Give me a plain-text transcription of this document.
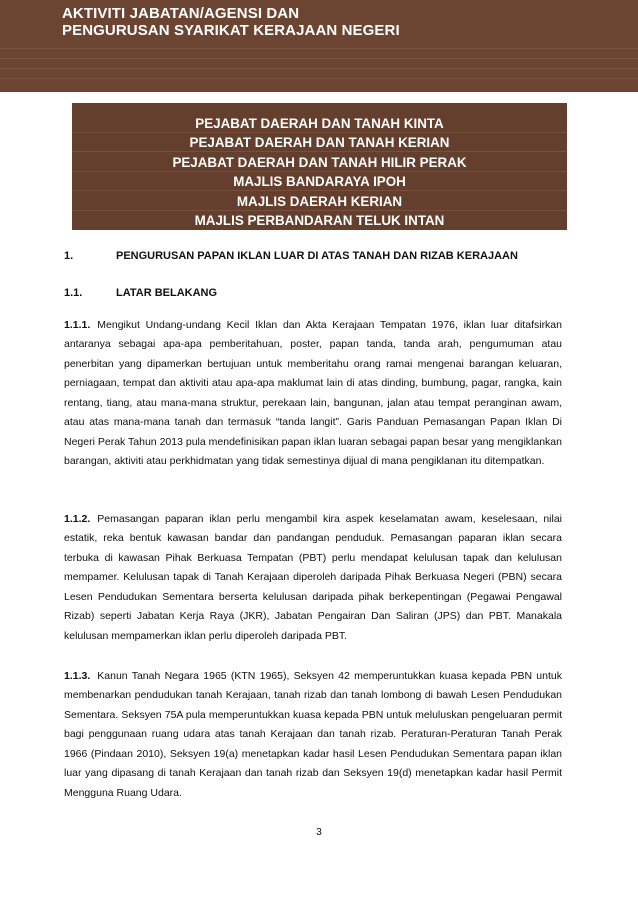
AKTIVITI JABATAN/AGENSI DAN
PENGURUSAN SYARIKAT KERAJAAN NEGERI
PEJABAT DAERAH DAN TANAH KINTA
PEJABAT DAERAH DAN TANAH KERIAN
PEJABAT DAERAH DAN TANAH HILIR PERAK
MAJLIS BANDARAYA IPOH
MAJLIS DAERAH KERIAN
MAJLIS PERBANDARAN TELUK INTAN
1.	PENGURUSAN PAPAN IKLAN LUAR DI ATAS TANAH DAN RIZAB KERAJAAN
1.1.	LATAR BELAKANG
1.1.1. Mengikut Undang-undang Kecil Iklan dan Akta Kerajaan Tempatan 1976, iklan luar ditafsirkan antaranya sebagai apa-apa pemberitahuan, poster, papan tanda, tanda arah, pengumuman atau penerbitan yang dipamerkan bertujuan untuk memberitahu orang ramai mengenai barangan keluaran, perniagaan, tempat dan aktiviti atau apa-apa maklumat lain di atas dinding, bumbung, pagar, rangka, kain rentang, tiang, atau mana-mana struktur, perekaan lain, bangunan, jalan atau tempat peranginan awam, atau atas mana-mana tanah dan termasuk “tanda langit”. Garis Panduan Pemasangan Papan Iklan Di Negeri Perak Tahun 2013 pula mendefinisikan papan iklan luaran sebagai papan besar yang mengiklankan barangan, aktiviti atau perkhidmatan yang tidak semestinya dijual di mana pengiklanan itu ditempatkan.
1.1.2. Pemasangan paparan iklan perlu mengambil kira aspek keselamatan awam, keselesaan, nilai estatik, reka bentuk kawasan bandar dan pandangan penduduk. Pemasangan paparan iklan secara terbuka di kawasan Pihak Berkuasa Tempatan (PBT) perlu mendapat kelulusan tapak dan kelulusan mempamer. Kelulusan tapak di Tanah Kerajaan diperoleh daripada Pihak Berkuasa Negeri (PBN) secara Lesen Pendudukan Sementara berserta kelulusan daripada pihak berkepentingan (Pegawai Pengawal Rizab) seperti Jabatan Kerja Raya (JKR), Jabatan Pengairan Dan Saliran (JPS) dan PBT. Manakala kelulusan mempamerkan iklan perlu diperoleh daripada PBT.
1.1.3. Kanun Tanah Negara 1965 (KTN 1965), Seksyen 42 memperuntukkan kuasa kepada PBN untuk membenarkan pendudukan tanah Kerajaan, tanah rizab dan tanah lombong di bawah Lesen Pendudukan Sementara. Seksyen 75A pula memperuntukkan kuasa kepada PBN untuk meluluskan pengeluaran permit bagi penggunaan ruang udara atas tanah Kerajaan dan tanah rizab. Peraturan-Peraturan Tanah Perak 1966 (Pindaan 2010), Seksyen 19(a) menetapkan kadar hasil Lesen Pendudukan Sementara papan iklan luar yang dipasang di tanah Kerajaan dan tanah rizab dan Seksyen 19(d) menetapkan kadar hasil Permit Mengguna Ruang Udara.
3
